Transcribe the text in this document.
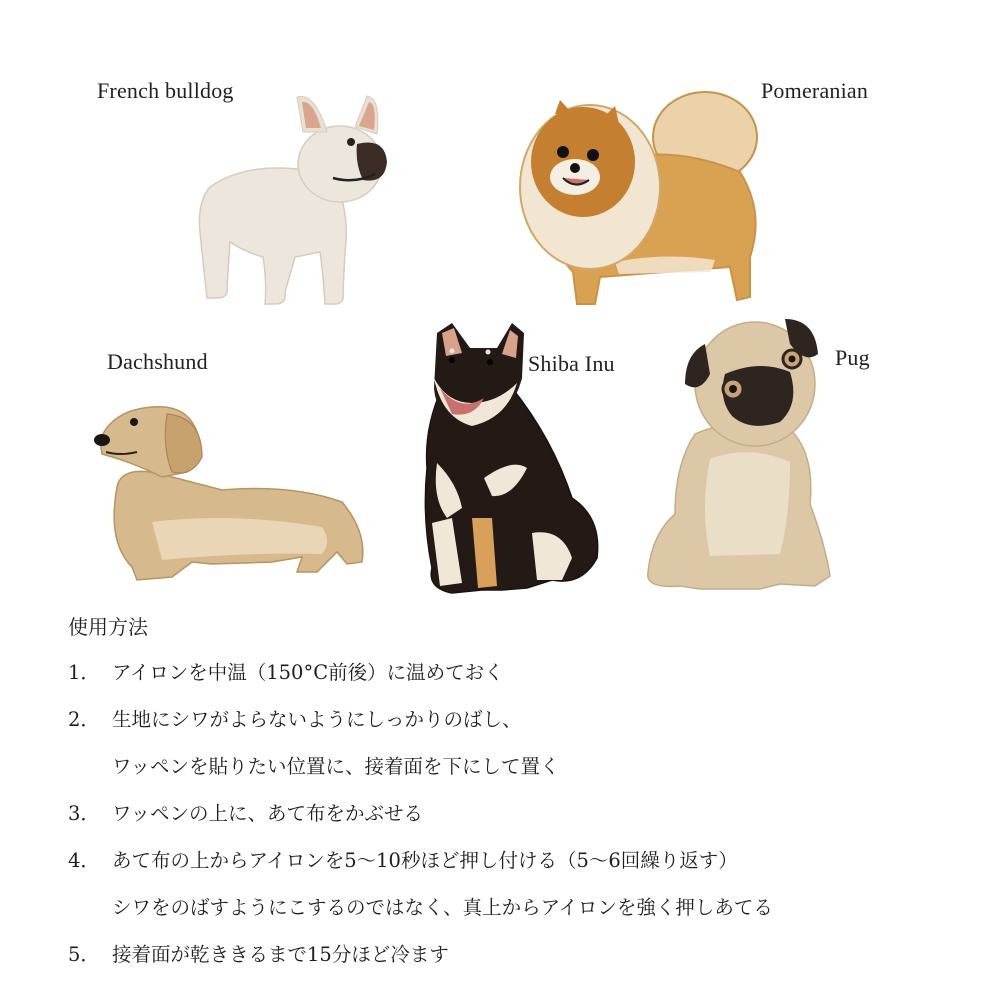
French bulldog	Pomeranian
Dachshund	Shiba Inu	Pug
使用方法
1． アイロンを中温（150°C前後）に温めておく
2． 生地にシワがよらないようにしっかりのばし、
ワッペンを貼りたい位置に、接着面を下にして置く
3． ワッペンの上に、あて布をかぶせる
4． あて布の上からアイロンを5～10秒ほど押し付ける（5～6回繰り返す）
シワをのばすようにこするのではなく、真上からアイロンを強く押しあてる
5． 接着面が乾ききるまで15分ほど冷ます
